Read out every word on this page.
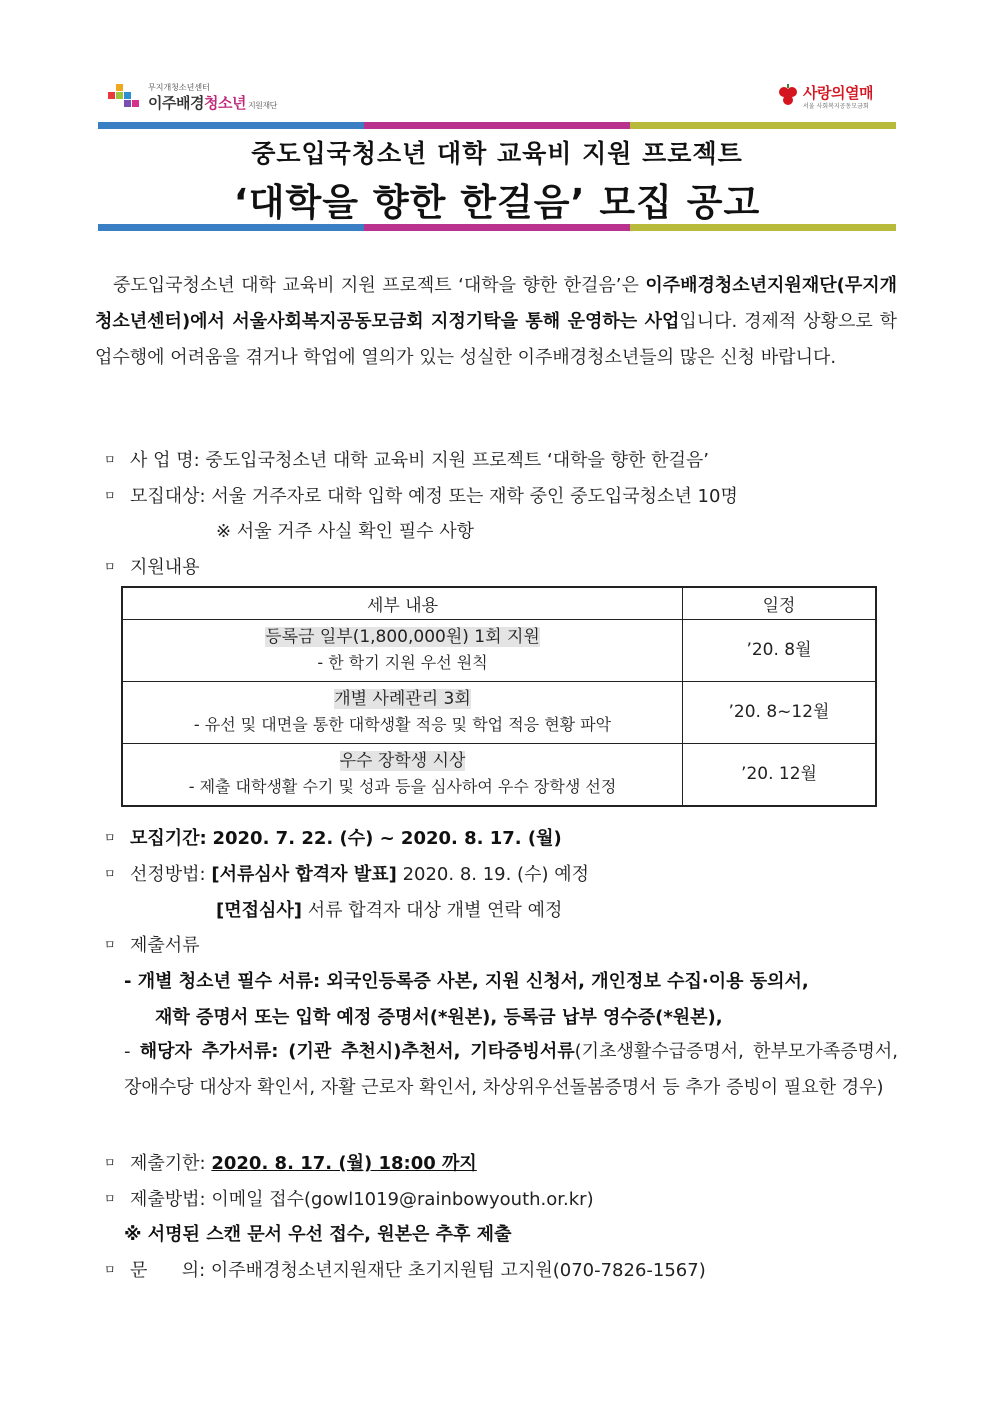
무지개청소년센터
이주배경청소년 지원재단
사랑의열매
서울 사회복지공동모금회
중도입국청소년 대학 교육비 지원 프로젝트
‘대학을 향한 한걸음’ 모집 공고
중도입국청소년 대학 교육비 지원 프로젝트 ‘대학을 향한 한걸음’은 이주배경청소년지원재단(무지개청소년센터)에서 서울사회복지공동모금회 지정기탁을 통해 운영하는 사업입니다. 경제적 상황으로 학업수행에 어려움을 겪거나 학업에 열의가 있는 성실한 이주배경청소년들의 많은 신청 바랍니다.
ㅁ 사 업 명: 중도입국청소년 대학 교육비 지원 프로젝트 ‘대학을 향한 한걸음’
ㅁ 모집대상: 서울 거주자로 대학 입학 예정 또는 재학 중인 중도입국청소년 10명
※ 서울 거주 사실 확인 필수 사항
ㅁ 지원내용
세부 내용	일정
등록금 일부(1,800,000원) 1회 지원
- 한 학기 지원 우선 원칙	’20. 8월
개별 사례관리 3회
- 유선 및 대면을 통한 대학생활 적응 및 학업 적응 현황 파악	’20. 8~12월
우수 장학생 시상
- 제출 대학생활 수기 및 성과 등을 심사하여 우수 장학생 선정	’20. 12월
ㅁ 모집기간: 2020. 7. 22. (수) ~ 2020. 8. 17. (월)
ㅁ 선정방법: [서류심사 합격자 발표] 2020. 8. 19. (수) 예정
[면접심사] 서류 합격자 대상 개별 연락 예정
ㅁ 제출서류
- 개별 청소년 필수 서류: 외국인등록증 사본, 지원 신청서, 개인정보 수집·이용 동의서,
재학 증명서 또는 입학 예정 증명서(*원본), 등록금 납부 영수증(*원본),
- 해당자 추가서류: (기관 추천시)추천서, 기타증빙서류(기초생활수급증명서, 한부모가족증명서, 장애수당 대상자 확인서, 자활 근로자 확인서, 차상위우선돌봄증명서 등 추가 증빙이 필요한 경우)
ㅁ 제출기한: 2020. 8. 17. (월) 18:00 까지
ㅁ 제출방법: 이메일 접수(gowl1019@rainbowyouth.or.kr)
※ 서명된 스캔 문서 우선 접수, 원본은 추후 제출
ㅁ 문      의: 이주배경청소년지원재단 초기지원팀 고지원(070-7826-1567)
